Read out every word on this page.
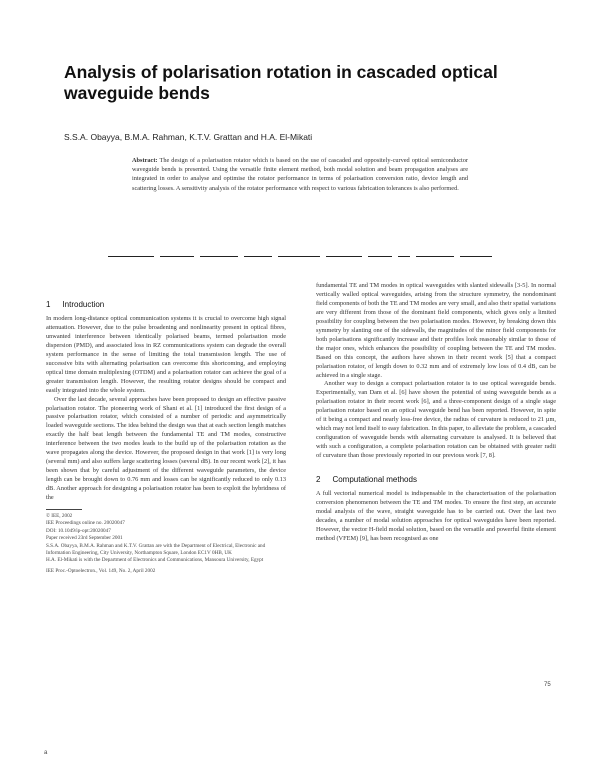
Analysis of polarisation rotation in cascaded optical waveguide bends
S.S.A. Obayya, B.M.A. Rahman, K.T.V. Grattan and H.A. El-Mikati
Abstract: The design of a polarisation rotator which is based on the use of cascaded and oppositely-curved optical semiconductor waveguide bends is presented. Using the versatile finite element method, both modal solution and beam propagation analyses are integrated in order to analyse and optimise the rotator performance in terms of polarisation conversion ratio, device length and scattering losses. A sensitivity analysis of the rotator performance with respect to various fabrication tolerances is also performed.
1 Introduction

In modern long-distance optical communication systems it is crucial to overcome high signal attenuation. However, due to the pulse broadening and nonlinearity present in optical fibres, unwanted interference between identically polarised beams, termed polarisation mode dispersion (PMD), and associated loss in RZ communications system can degrade the overall system performance in the sense of limiting the total transmission length. The use of successive bits with alternating polarisation can overcome this shortcoming, and employing optical time domain multiplexing (OTDM) and a polarisation rotator can achieve the goal of a greater transmission length. However, the resulting rotator designs should be compact and easily integrated into the whole system.

Over the last decade, several approaches have been proposed to design an effective passive polarisation rotator. The pioneering work of Shani et al. [1] introduced the first design of a passive polarisation rotator, which consisted of a number of periodic and asymmetrically loaded waveguide sections. The idea behind the design was that at each section length matches exactly the half beat length between the fundamental TE and TM modes, constructive interference between the two modes leads to the build up of the polarisation rotation as the wave propagates along the device. However, the proposed design in that work [1] is very long (several mm) and also suffers large scattering losses (several dB). In our recent work [2], it has been shown that by careful adjustment of the different waveguide parameters, the device length can be brought down to 0.76 mm and losses can be significantly reduced to only 0.13 dB. Another approach for designing a polarisation rotator has been to exploit the hybridness of the

© IEE, 2002
IEE Proceedings online no. 20020047
DOI: 10.1049/ip-opt:20020047
Paper received 23rd September 2001
S.S.A. Obayya, B.M.A. Rahman and K.T.V. Grattan are with the Department of Electrical, Electronic and Information Engineering, City University, Northampton Square, London EC1V 0HB, UK
H.A. El-Mikati is with the Department of Electronics and Communications, Mansoura University, Egypt
IEE Proc.-Optoelectron., Vol. 149, No. 2, April 2002

fundamental TE and TM modes in optical waveguides with slanted sidewalls [3-5]. In normal vertically walled optical waveguides, arising from the structure symmetry, the nondominant field components of both the TE and TM modes are very small, and also their spatial variations are very different from those of the dominant field components, which gives only a limited possibility for coupling between the two polarisation modes. However, by breaking down this symmetry by slanting one of the sidewalls, the magnitudes of the minor field components for both polarisations significantly increase and their profiles look reasonably similar to those of the major ones, which enhances the possibility of coupling between the TE and TM modes. Based on this concept, the authors have shown in their recent work [5] that a compact polarisation rotator, of length down to 0.32 mm and of extremely low loss of 0.4 dB, can be achieved in a single stage.

Another way to design a compact polarisation rotator is to use optical waveguide bends. Experimentally, van Dam et al. [6] have shown the potential of using waveguide bends as a polarisation rotator in their recent work [6], and a three-component design of a single stage polarisation rotator based on an optical waveguide bend has been reported. However, in spite of it being a compact and nearly loss-free device, the radius of curvature is reduced to 21 µm, which may not lend itself to easy fabrication. In this paper, to alleviate the problem, a cascaded configuration of waveguide bends with alternating curvature is analysed. It is believed that with such a configuration, a complete polarisation rotation can be obtained with greater radii of curvature than those previously reported in our previous work [7, 8].

2 Computational methods

A full vectorial numerical model is indispensable in the characterisation of the polarisation conversion phenomenon between the TE and TM modes. To ensure the first step, an accurate modal analysis of the wave, straight waveguide has to be carried out. Over the last two decades, a number of modal solution approaches for optical waveguides have been reported. However, the vector H-field modal solution, based on the versatile and powerful finite element method (VFEM) [9], has been recognised as one

75
a
